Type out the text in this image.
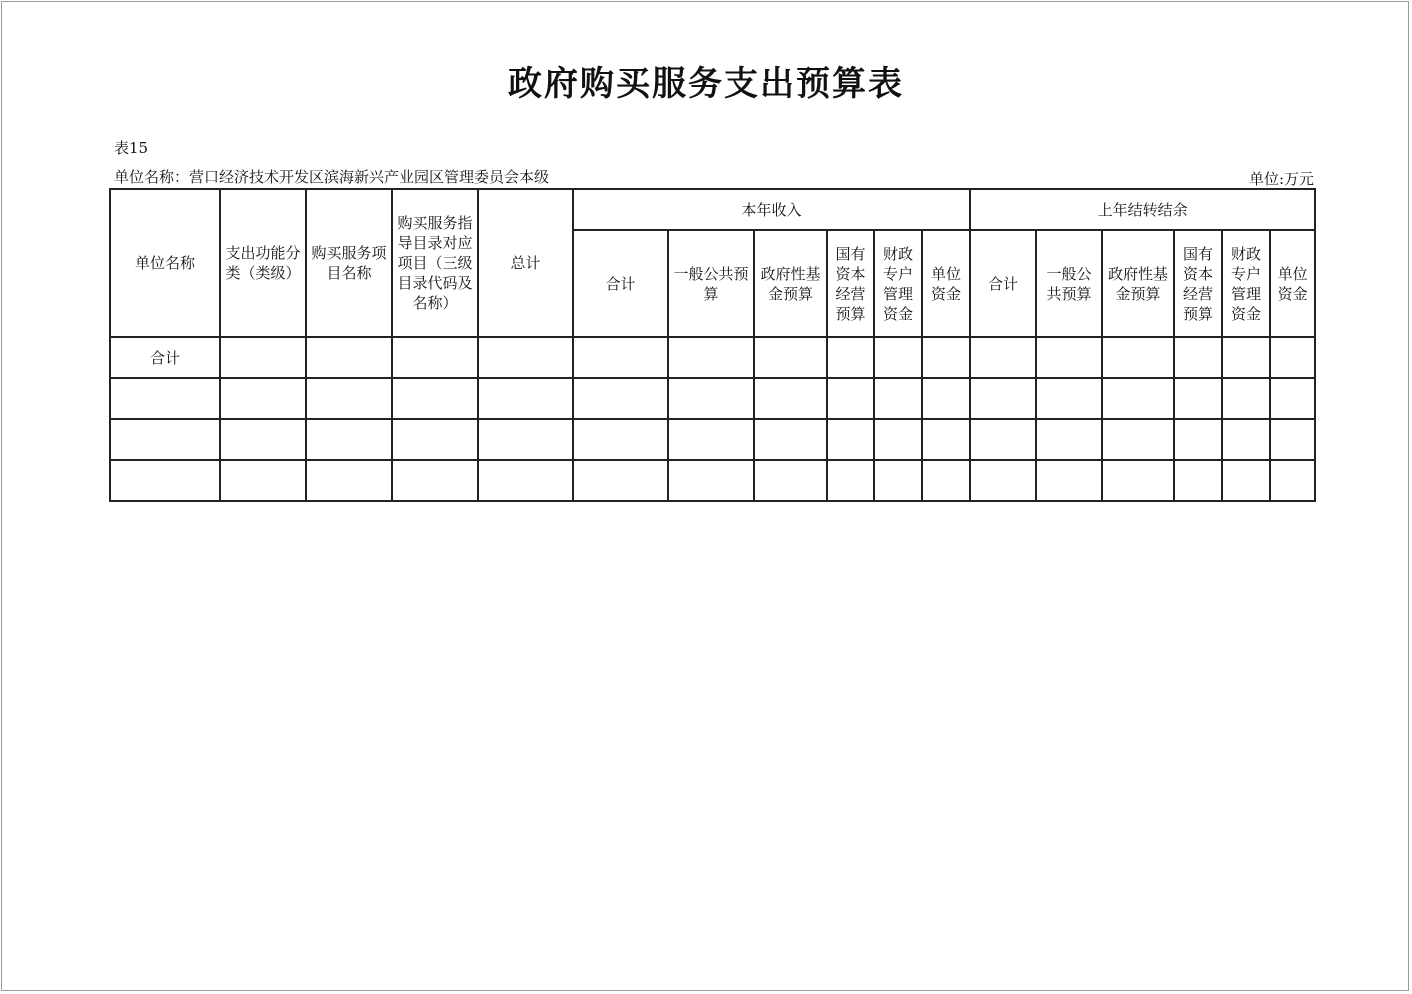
政府购买服务支出预算表
表15
单位名称：营口经济技术开发区滨海新兴产业园区管理委员会本级	单位:万元
单位名称	支出功能分类（类级）	购买服务项目名称	购买服务指导目录对应项目（三级目录代码及名称）	总计	本年收入						上年结转结余					
					合计	一般公共预算	政府性基金预算	国有资本经营预算	财政专户管理资金	单位资金	合计	一般公共预算	政府性基金预算	国有资本经营预算	财政专户管理资金	单位资金
合计																
